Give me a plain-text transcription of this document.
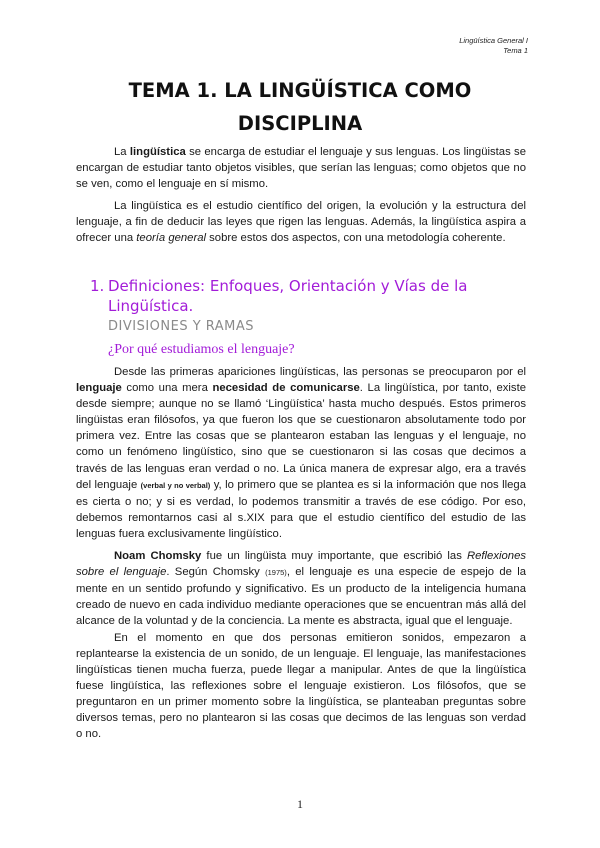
Lingüística General I
Tema 1
TEMA 1. LA LINGÜÍSTICA COMO
DISCIPLINA

La lingüística se encarga de estudiar el lenguaje y sus lenguas. Los lingüistas se encargan de estudiar tanto objetos visibles, que serían las lenguas; como objetos que no se ven, como el lenguaje en sí mismo.

La lingüística es el estudio científico del origen, la evolución y la estructura del lenguaje, a fin de deducir las leyes que rigen las lenguas. Además, la lingüística aspira a ofrecer una teoría general sobre estos dos aspectos, con una metodología coherente.

1. Definiciones: Enfoques, Orientación y Vías de la Lingüística.
DIVISIONES Y RAMAS
¿Por qué estudiamos el lenguaje?

Desde las primeras apariciones lingüísticas, las personas se preocuparon por el lenguaje como una mera necesidad de comunicarse. La lingüística, por tanto, existe desde siempre; aunque no se llamó ‘Lingüística’ hasta mucho después. Estos primeros lingüistas eran filósofos, ya que fueron los que se cuestionaron absolutamente todo por primera vez. Entre las cosas que se plantearon estaban las lenguas y el lenguaje, no como un fenómeno lingüístico, sino que se cuestionaron si las cosas que decimos a través de las lenguas eran verdad o no. La única manera de expresar algo, era a través del lenguaje (verbal y no verbal) y, lo primero que se plantea es si la información que nos llega es cierta o no; y si es verdad, lo podemos transmitir a través de ese código. Por eso, debemos remontarnos casi al s.XIX para que el estudio científico del estudio de las lenguas fuera exclusivamente lingüístico.

Noam Chomsky fue un lingüista muy importante, que escribió las Reflexiones sobre el lenguaje. Según Chomsky (1975), el lenguaje es una especie de espejo de la mente en un sentido profundo y significativo. Es un producto de la inteligencia humana creado de nuevo en cada individuo mediante operaciones que se encuentran más allá del alcance de la voluntad y de la conciencia. La mente es abstracta, igual que el lenguaje.

En el momento en que dos personas emitieron sonidos, empezaron a replantearse la existencia de un sonido, de un lenguaje. El lenguaje, las manifestaciones lingüísticas tienen mucha fuerza, puede llegar a manipular. Antes de que la lingüística fuese lingüística, las reflexiones sobre el lenguaje existieron. Los filósofos, que se preguntaron en un primer momento sobre la lingüística, se planteaban preguntas sobre diversos temas, pero no plantearon si las cosas que decimos de las lenguas son verdad o no.

1
